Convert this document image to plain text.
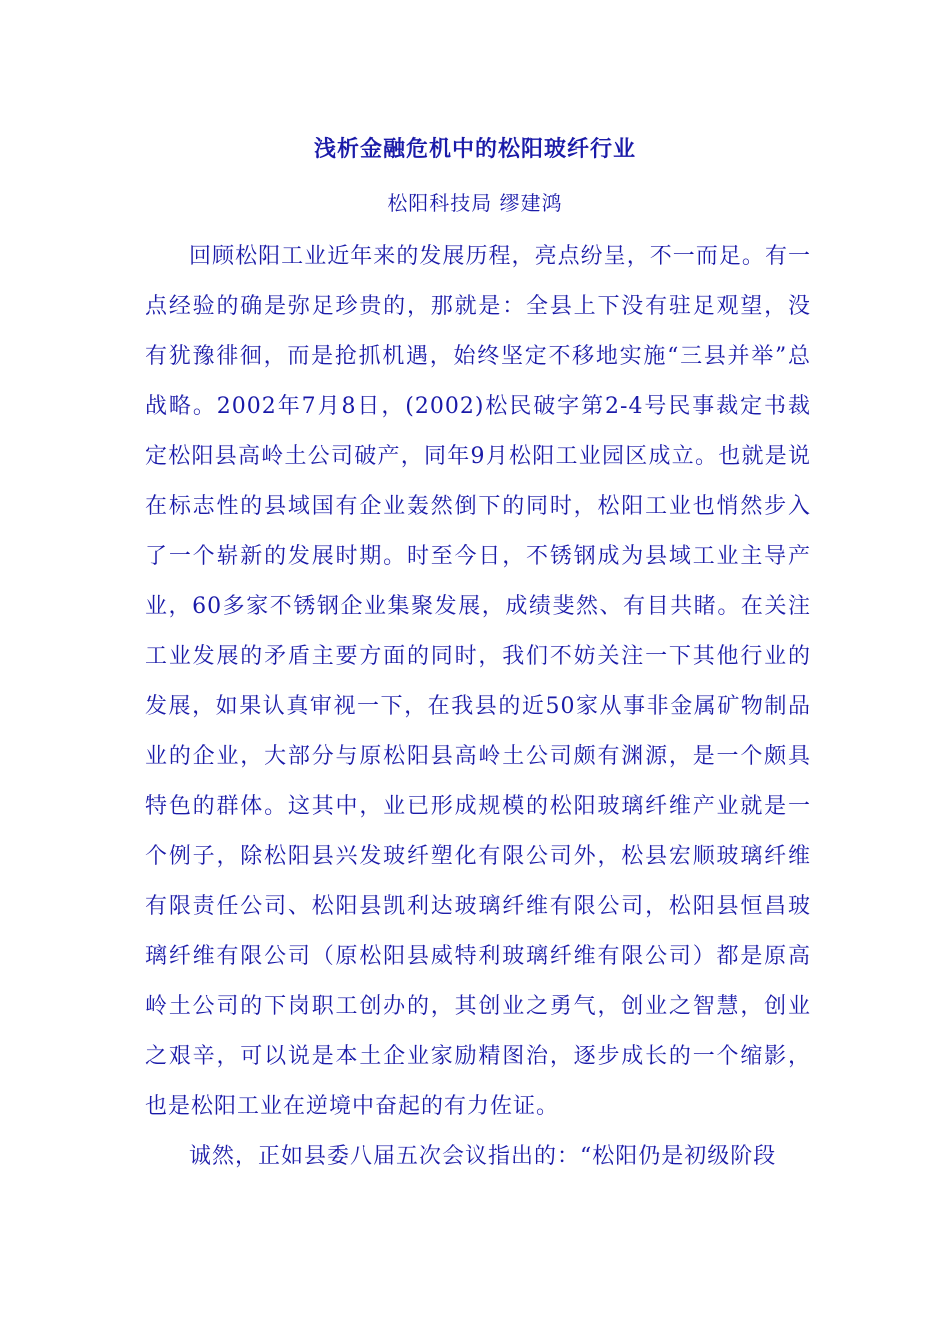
浅析金融危机中的松阳玻纤行业
松阳科技局 缪建鸿

回顾松阳工业近年来的发展历程，亮点纷呈，不一而足。有一点经验的确是弥足珍贵的，那就是：全县上下没有驻足观望，没有犹豫徘徊，而是抢抓机遇，始终坚定不移地实施“三县并举”总战略。2002年7月8日，(2002)松民破字第2-4号民事裁定书裁定松阳县高岭土公司破产，同年9月松阳工业园区成立。也就是说在标志性的县域国有企业轰然倒下的同时，松阳工业也悄然步入了一个崭新的发展时期。时至今日，不锈钢成为县域工业主导产业，60多家不锈钢企业集聚发展，成绩斐然、有目共睹。在关注工业发展的矛盾主要方面的同时，我们不妨关注一下其他行业的发展，如果认真审视一下，在我县的近50家从事非金属矿物制品业的企业，大部分与原松阳县高岭土公司颇有渊源，是一个颇具特色的群体。这其中，业已形成规模的松阳玻璃纤维产业就是一个例子，除松阳县兴发玻纤塑化有限公司外，松县宏顺玻璃纤维有限责任公司、松阳县凯利达玻璃纤维有限公司，松阳县恒昌玻璃纤维有限公司（原松阳县威特利玻璃纤维有限公司）都是原高岭土公司的下岗职工创办的，其创业之勇气，创业之智慧，创业之艰辛，可以说是本土企业家励精图治，逐步成长的一个缩影，也是松阳工业在逆境中奋起的有力佐证。

诚然，正如县委八届五次会议指出的：“松阳仍是初级阶段
